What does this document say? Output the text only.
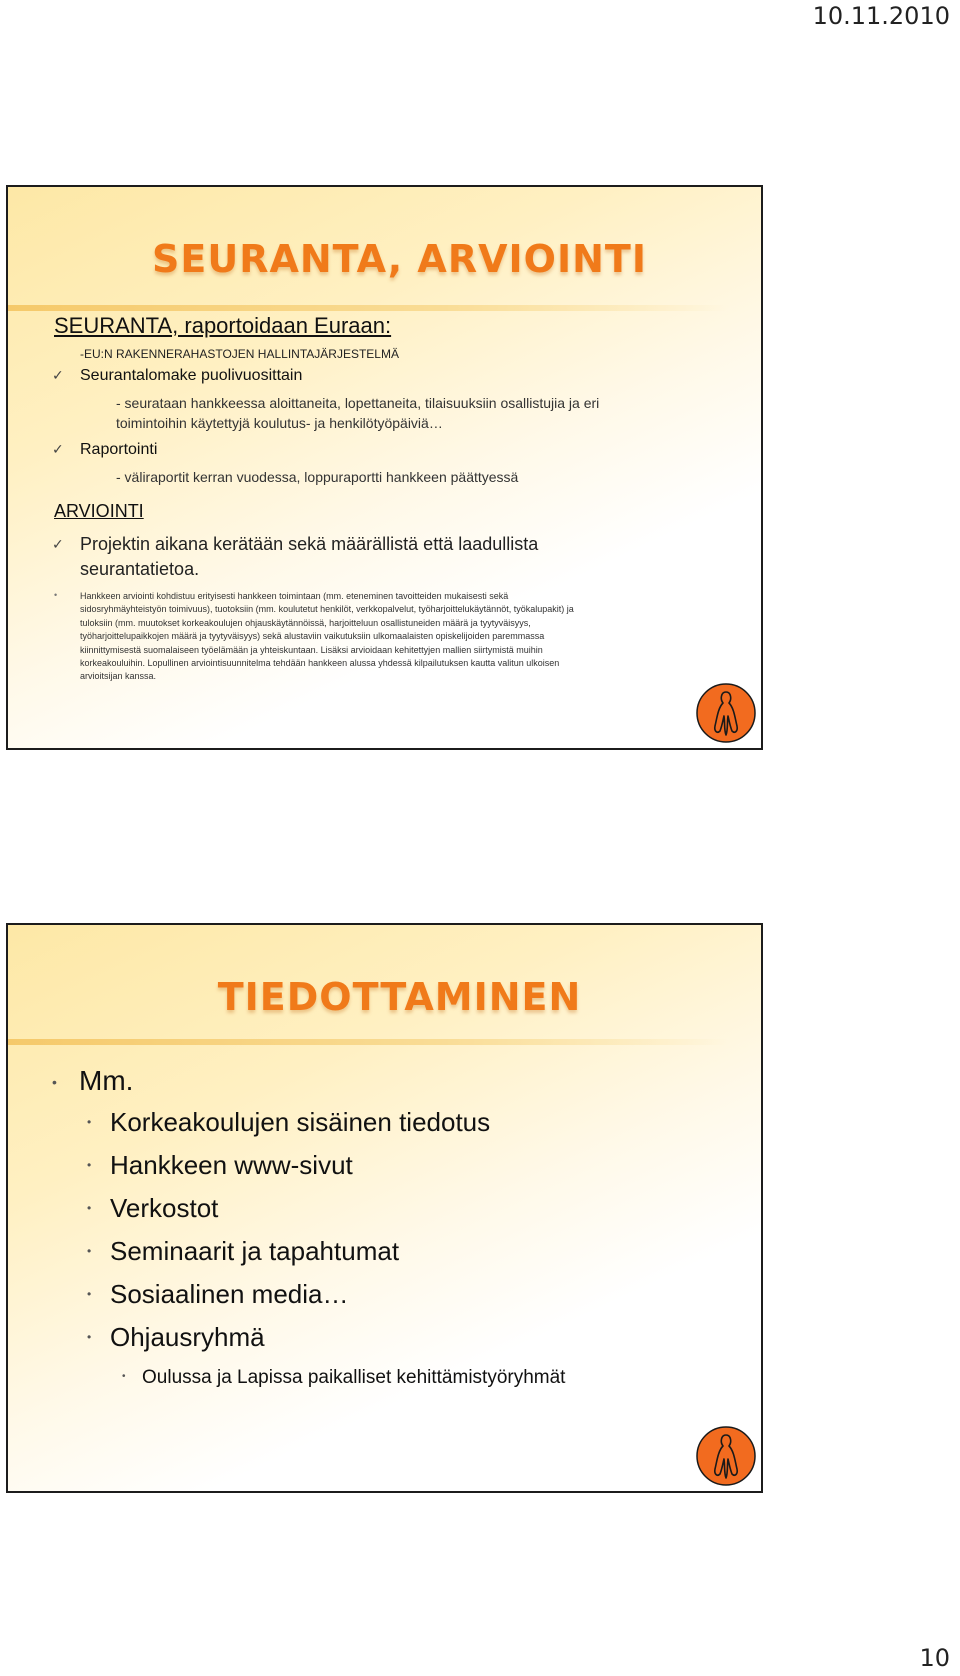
10.11.2010
SEURANTA, ARVIOINTI

SEURANTA, raportoidaan Euraan:

-EU:N RAKENNERAHASTOJEN HALLINTAJÄRJESTELMÄ

✓ Seurantalomake puolivuosittain
- seurataan hankkeessa aloittaneita, lopettaneita, tilaisuuksiin osallistujia ja eri
toimintoihin käytettyjä koulutus- ja henkilötyöpäiviä…
✓ Raportointi
- väliraportit kerran vuodessa, loppuraportti hankkeen päättyessä

ARVIOINTI

✓ Projektin aikana kerätään sekä määrällistä että laadullista
seurantatietoa.
•	Hankkeen arviointi kohdistuu erityisesti hankkeen toimintaan (mm. eteneminen tavoitteiden mukaisesti sekä
sidosryhmäyhteistyön toimivuus), tuotoksiin (mm. koulutetut henkilöt, verkkopalvelut, työharjoittelukäytännöt, työkalupakit) ja
tuloksiin (mm. muutokset korkeakoulujen ohjauskäytännöissä, harjoitteluun osallistuneiden määrä ja tyytyväisyys,
työharjoittelupaikkojen määrä ja tyytyväisyys) sekä alustaviin vaikutuksiin ulkomaalaisten opiskelijoiden paremmassa
kiinnittymisestä suomalaiseen työelämään ja yhteiskuntaan. Lisäksi arvioidaan kehitettyjen mallien siirtymistä muihin
korkeakouluihin. Lopullinen arviointisuunnitelma tehdään hankkeen alussa yhdessä kilpailutuksen kautta valitun ulkoisen
arvioitsijan kanssa.
TIEDOTTAMINEN
• Mm.
• Korkeakoulujen sisäinen tiedotus
• Hankkeen www-sivut
• Verkostot
• Seminaarit ja tapahtumat
• Sosiaalinen media…
• Ohjausryhmä
• Oulussa ja Lapissa paikalliset kehittämistyöryhmät
10
